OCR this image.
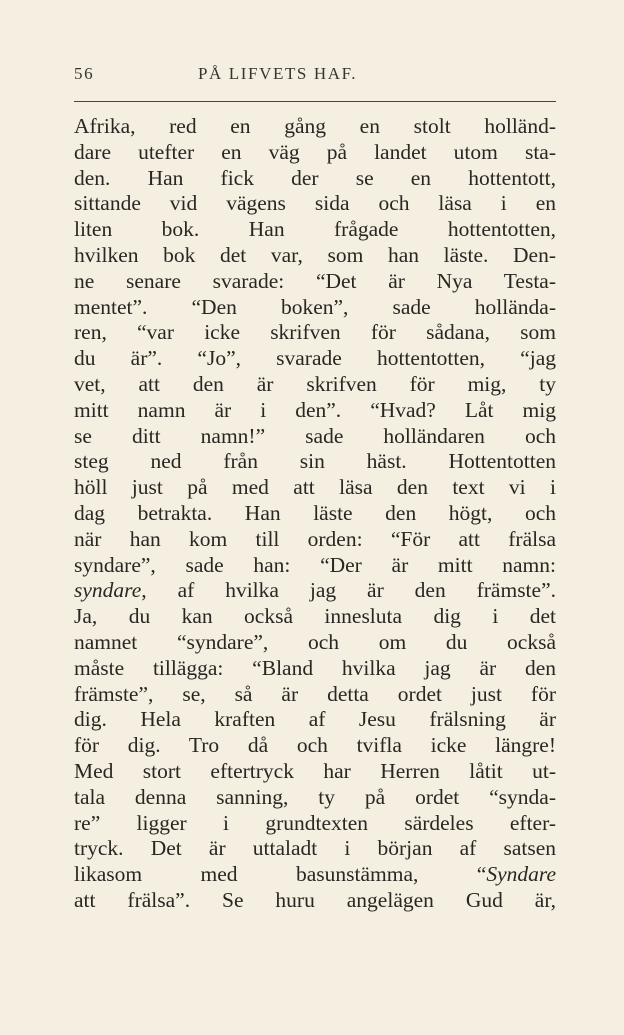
56	PÅ LIFVETS HAF.
Afrika, red en gång en stolt holländ-
dare utefter en väg på landet utom sta-
den. Han fick der se en hottentott,
sittande vid vägens sida och läsa i en
liten bok. Han frågade hottentotten,
hvilken bok det var, som han läste. Den-
ne senare svarade: “Det är Nya Testa-
mentet”. “Den boken”, sade hollända-
ren, “var icke skrifven för sådana, som
du är”. “Jo”, svarade hottentotten, “jag
vet, att den är skrifven för mig, ty
mitt namn är i den”. “Hvad? Låt mig
se ditt namn!” sade holländaren och
steg ned från sin häst. Hottentotten
höll just på med att läsa den text vi i
dag betrakta. Han läste den högt, och
när han kom till orden: “För att frälsa
syndare”, sade han: “Der är mitt namn:
syndare, af hvilka jag är den främste”.
Ja, du kan också innesluta dig i det
namnet “syndare”, och om du också
måste tillägga: “Bland hvilka jag är den
främste”, se, så är detta ordet just för
dig. Hela kraften af Jesu frälsning är
för dig. Tro då och tvifla icke längre!
Med stort eftertryck har Herren låtit ut-
tala denna sanning, ty på ordet “synda-
re” ligger i grundtexten särdeles efter-
tryck. Det är uttaladt i början af satsen
likasom med basunstämma, “Syndare
att frälsa”. Se huru angelägen Gud är,
